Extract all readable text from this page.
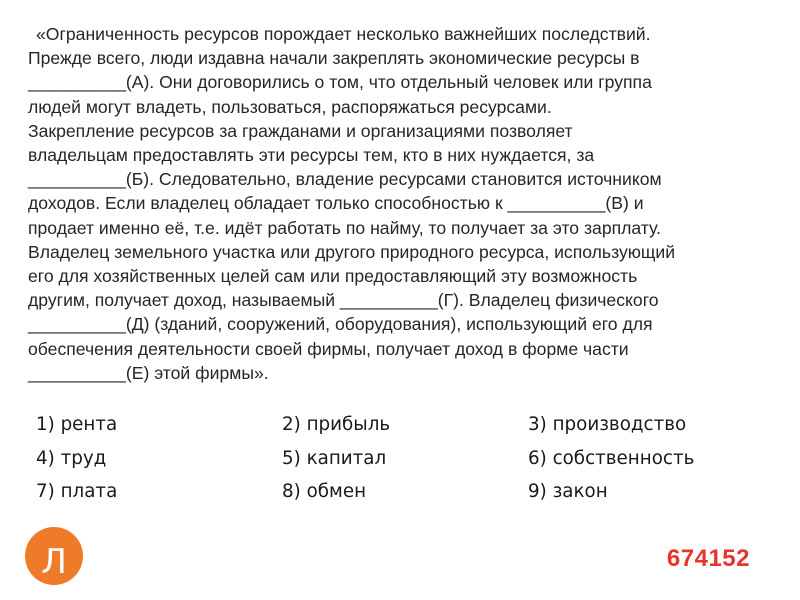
«Ограниченность ресурсов порождает несколько важнейших последствий.
Прежде всего, люди издавна начали закреплять экономические ресурсы в
__________(А). Они договорились о том, что отдельный человек или группа
людей могут владеть, пользоваться, распоряжаться ресурсами.
Закрепление ресурсов за гражданами и организациями позволяет
владельцам предоставлять эти ресурсы тем, кто в них нуждается, за
__________(Б). Следовательно, владение ресурсами становится источником
доходов. Если владелец обладает только способностью к __________(В) и
продает именно её, т.е. идёт работать по найму, то получает за это зарплату.
Владелец земельного участка или другого природного ресурса, использующий
его для хозяйственных целей сам или предоставляющий эту возможность
другим, получает доход, называемый __________(Г). Владелец физического
__________(Д) (зданий, сооружений, оборудования), использующий его для
обеспечения деятельности своей фирмы, получает доход в форме части
__________(Е) этой фирмы».
1) рента	2) прибыль	3) производство
4) труд	5) капитал	6) собственность
7) плата	8) обмен	9) закон
Л	674152
